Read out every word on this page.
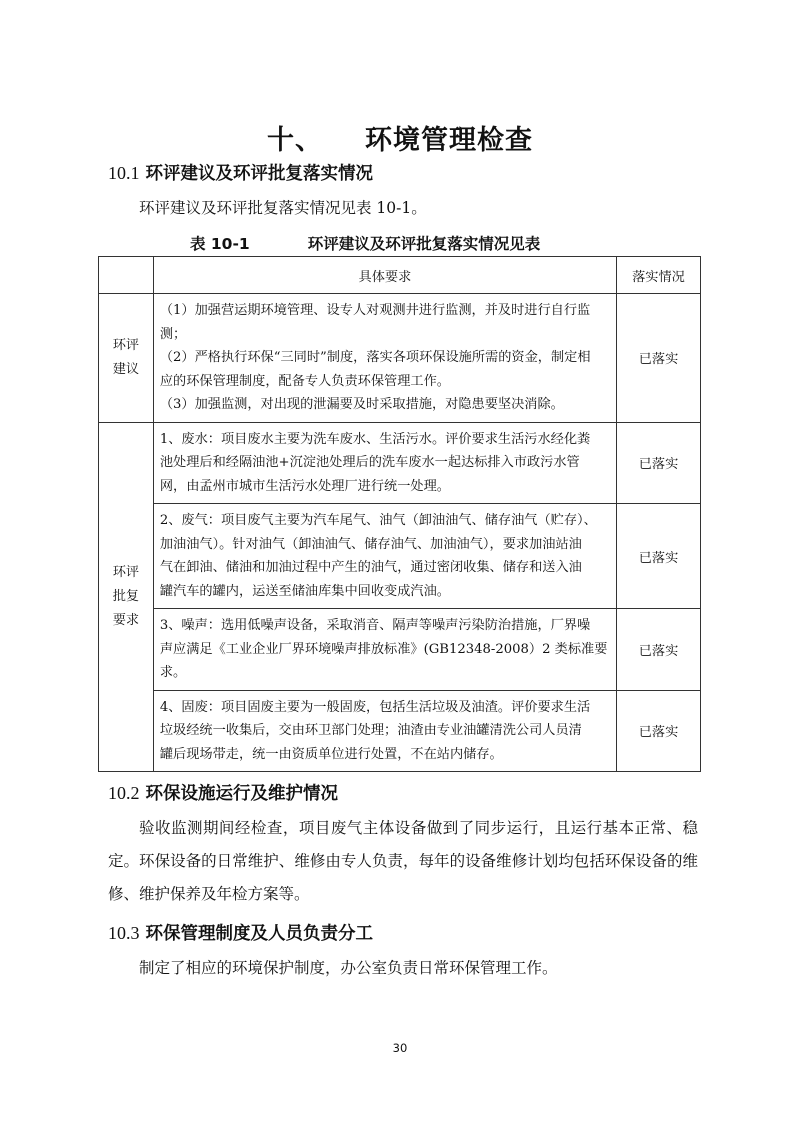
十、 环境管理检查
10.1 环评建议及环评批复落实情况
环评建议及环评批复落实情况见表 10-1。
表 10-1	环评建议及环评批复落实情况见表
	具体要求	落实情况

环评
建议	（1）加强营运期环境管理、设专人对观测井进行监测，并及时进行自行监
测；
（2）严格执行环保“三同时”制度，落实各项环保设施所需的资金，制定相
应的环保管理制度，配备专人负责环保管理工作。
（3）加强监测，对出现的泄漏要及时采取措施，对隐患要坚决消除。	已落实

环评
批复
要求	1、废水：项目废水主要为洗车废水、生活污水。评价要求生活污水经化粪
池处理后和经隔油池+沉淀池处理后的洗车废水一起达标排入市政污水管
网，由孟州市城市生活污水处理厂进行统一处理。	已落实

	2、废气：项目废气主要为汽车尾气、油气（卸油油气、储存油气（贮存）、
加油油气）。针对油气（卸油油气、储存油气、加油油气），要求加油站油
气在卸油、储油和加油过程中产生的油气，通过密闭收集、储存和送入油
罐汽车的罐内，运送至储油库集中回收变成汽油。	已落实

	3、噪声：选用低噪声设备，采取消音、隔声等噪声污染防治措施，厂界噪
声应满足《工业企业厂界环境噪声排放标准》(GB12348-2008）2 类标准要
求。	已落实

	4、固废：项目固废主要为一般固废，包括生活垃圾及油渣。评价要求生活
垃圾经统一收集后，交由环卫部门处理；油渣由专业油罐清洗公司人员清
罐后现场带走，统一由资质单位进行处置，不在站内储存。	已落实
10.2 环保设施运行及维护情况
验收监测期间经检查，项目废气主体设备做到了同步运行，且运行基本正常、稳定。环保设备的日常维护、维修由专人负责，每年的设备维修计划均包括环保设备的维修、维护保养及年检方案等。
10.3 环保管理制度及人员负责分工
制定了相应的环境保护制度，办公室负责日常环保管理工作。
30
